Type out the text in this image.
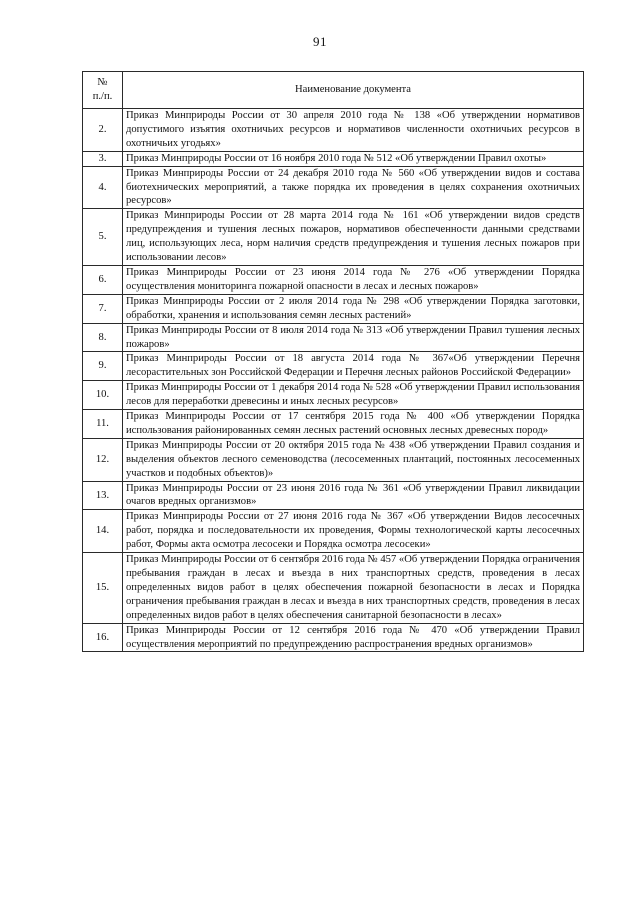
91
№
п./п.	Наименование документа
2.	Приказ Минприроды России от 30 апреля 2010 года № 138 «Об утверждении нормативов допустимого изъятия охотничьих ресурсов и нормативов численности охотничьих ресурсов в охотничьих угодьях»
3.	Приказ Минприроды России от 16 ноября 2010 года № 512 «Об утверждении Правил охоты»
4.	Приказ Минприроды России от 24 декабря 2010 года № 560 «Об утверждении видов и состава биотехнических мероприятий, а также порядка их проведения в целях сохранения охотничьих ресурсов»
5.	Приказ Минприроды России от 28 марта 2014 года № 161 «Об утверждении видов средств предупреждения и тушения лесных пожаров, нормативов обеспеченности данными средствами лиц, использующих леса, норм наличия средств предупреждения и тушения лесных пожаров при использовании лесов»
6.	Приказ Минприроды России от 23 июня 2014 года № 276 «Об утверждении Порядка осуществления мониторинга пожарной опасности в лесах и лесных пожаров»
7.	Приказ Минприроды России от 2 июля 2014 года № 298 «Об утверждении Порядка заготовки, обработки, хранения и использования семян лесных растений»
8.	Приказ Минприроды России от 8 июля 2014 года № 313 «Об утверждении Правил тушения лесных пожаров»
9.	Приказ Минприроды России от 18 августа 2014 года № 367«Об утверждении Перечня лесорастительных зон Российской Федерации и Перечня лесных районов Российской Федерации»
10.	Приказ Минприроды России от 1 декабря 2014 года № 528 «Об утверждении Правил использования лесов для переработки древесины и иных лесных ресурсов»
11.	Приказ Минприроды России от 17 сентября 2015 года № 400 «Об утверждении Порядка использования районированных семян лесных растений основных лесных древесных пород»
12.	Приказ Минприроды России от 20 октября 2015 года № 438 «Об утверждении Правил создания и выделения объектов лесного семеноводства (лесосеменных плантаций, постоянных лесосеменных участков и подобных объектов)»
13.	Приказ Минприроды России от 23 июня 2016 года № 361 «Об утверждении Правил ликвидации очагов вредных организмов»
14.	Приказ Минприроды России от 27 июня 2016 года № 367 «Об утверждении Видов лесосечных работ, порядка и последовательности их проведения, Формы технологической карты лесосечных работ, Формы акта осмотра лесосеки и Порядка осмотра лесосеки»
15.	Приказ Минприроды России от 6 сентября 2016 года № 457 «Об утверждении Порядка ограничения пребывания граждан в лесах и въезда в них транспортных средств, проведения в лесах определенных видов работ в целях обеспечения пожарной безопасности в лесах и Порядка ограничения пребывания граждан в лесах и въезда в них транспортных средств, проведения в лесах определенных видов работ в целях обеспечения санитарной безопасности в лесах»
16.	Приказ Минприроды России от 12 сентября 2016 года № 470 «Об утверждении Правил осуществления мероприятий по предупреждению распространения вредных организмов»
